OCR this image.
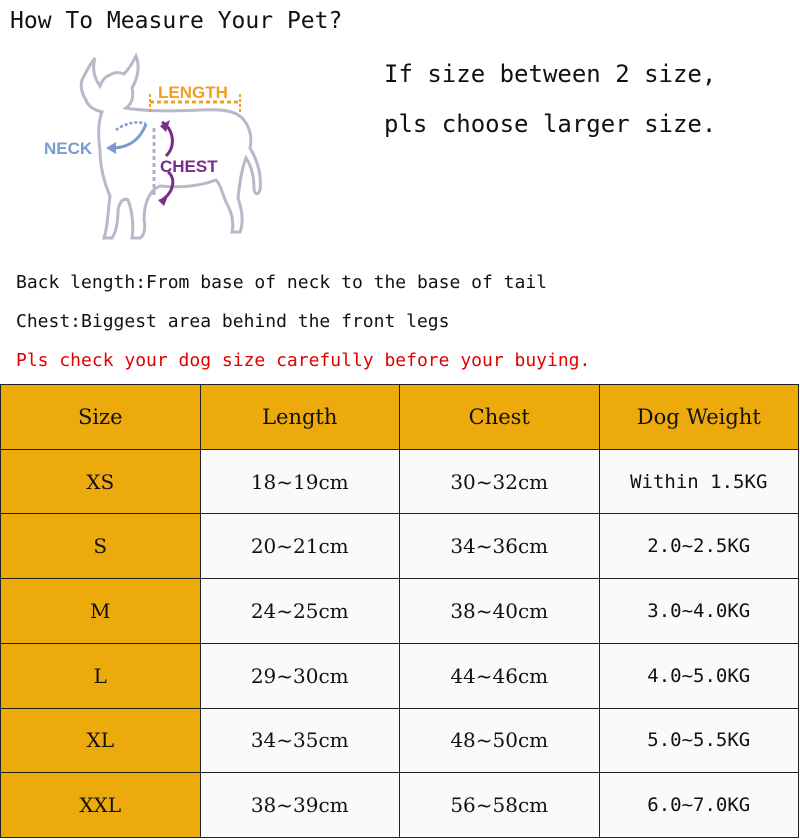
How To Measure Your Pet?
LENGTH
NECK
CHEST
If size between 2 size,
pls choose larger size.
Back length:From base of neck to the base of tail
Chest:Biggest area behind the front legs
Pls check your dog size carefully before your buying.
Size	Length	Chest	Dog Weight
XS	18~19cm	30~32cm	Within 1.5KG
S	20~21cm	34~36cm	2.0~2.5KG
M	24~25cm	38~40cm	3.0~4.0KG
L	29~30cm	44~46cm	4.0~5.0KG
XL	34~35cm	48~50cm	5.0~5.5KG
XXL	38~39cm	56~58cm	6.0~7.0KG
